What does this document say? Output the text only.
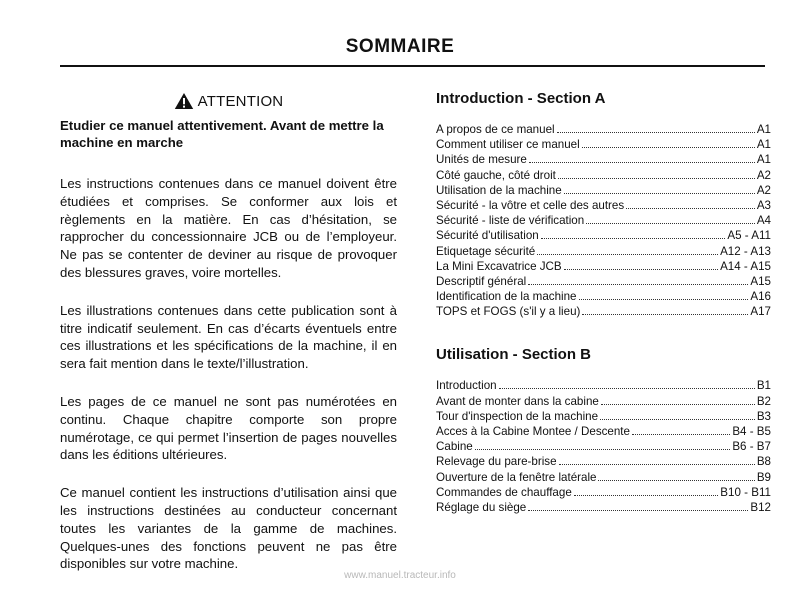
SOMMAIRE
ATTENTION
Etudier ce manuel attentivement. Avant de mettre la machine en marche

Les instructions contenues dans ce manuel doivent être étudiées et comprises. Se conformer aux lois et règlements en la matière. En cas d’hésitation, se rapprocher du concessionnaire JCB ou de l’employeur. Ne pas se contenter de deviner au risque de provoquer des blessures graves, voire mortelles.

Les illustrations contenues dans cette publication sont à titre indicatif seulement. En cas d’écarts éventuels entre ces illustrations et les spécifications de la machine, il en sera fait mention dans le texte/l’illustration.

Les pages de ce manuel ne sont pas numérotées en continu. Chaque chapitre comporte son propre numérotage, ce qui permet l’insertion de pages nouvelles dans les éditions ultérieures.

Ce manuel contient les instructions d’utilisation ainsi que les instructions destinées au conducteur concernant toutes les variantes de la gamme de machines. Quelques-unes des fonctions peuvent ne pas être disponibles sur votre machine.

Introduction - Section A
A propos de ce manuel	A1
Comment utiliser ce manuel	A1
Unités de mesure	A1
Côté gauche, côté droit	A2
Utilisation de la machine	A2
Sécurité - la vôtre et celle des autres	A3
Sécurité - liste de vérification	A4
Sécurité d'utilisation	A5 - A11
Etiquetage sécurité	A12 - A13
La Mini Excavatrice JCB	A14 - A15
Descriptif général	A15
Identification de la machine	A16
TOPS et FOGS (s'il y a lieu)	A17
Utilisation - Section B
Introduction	B1
Avant de monter dans la cabine	B2
Tour d'inspection de la machine	B3
Acces à la Cabine Montee / Descente	B4 - B5
Cabine	B6 - B7
Relevage du pare-brise	B8
Ouverture de la fenêtre latérale	B9
Commandes de chauffage	B10 - B11
Réglage du siège	B12
www.manuel.tracteur.info
